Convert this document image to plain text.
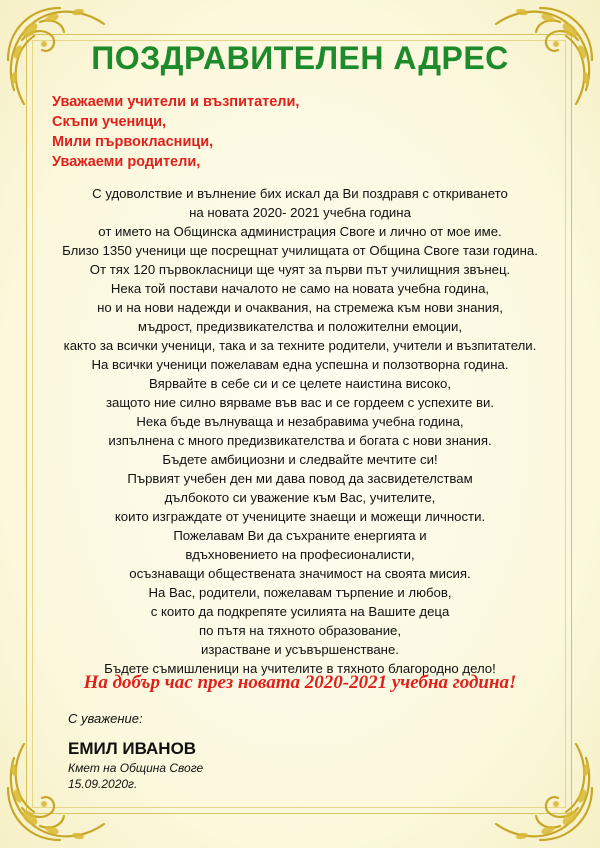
ПОЗДРАВИТЕЛЕН АДРЕС
Уважаеми учители и възпитатели,
Скъпи ученици,
Мили първокласници,
Уважаеми родители,
С удоволствие и вълнение бих искал да Ви поздравя с откриването
на новата 2020- 2021 учебна година
от името на Общинска администрация Своге и лично от мое име.
Близо 1350 ученици ще посрещнат училищата от Община Своге тази година.
От тях 120 първокласници ще чуят за първи път училищния звънец.
Нека той постави началото не само на новата учебна година,
но и на нови надежди и очаквания, на стремежа към нови знания,
мъдрост, предизвикателства и положителни емоции,
както за всички ученици, така и за техните родители, учители и възпитатели.
На всички ученици пожелавам една успешна и ползотворна година.
Вярвайте в себе си и се целете наистина високо,
защото ние силно вярваме във вас и се гордеем с успехите ви.
Нека бъде вълнуваща и незабравима учебна година,
изпълнена с много предизвикателства и богата с нови знания.
Бъдете амбициозни и следвайте мечтите си!
Първият учебен ден ми дава повод да засвидетелствам
дълбокото си уважение към Вас, учителите,
които изграждате от учениците знаещи и можещи личности.
Пожелавам Ви да съхраните енергията и
вдъхновението на професионалисти,
осъзнаващи обществената значимост на своята мисия.
На Вас, родители, пожелавам търпение и любов,
с които да подкрепяте усилията на Вашите деца
по пътя на тяхното образование,
израстване и усъвършенстване.
Бъдете съмишленици на учителите в тяхното благородно дело!
На добър час през новата 2020-2021 учебна година!
С уважение:
ЕМИЛ ИВАНОВ
Кмет на Община Своге
15.09.2020г.
